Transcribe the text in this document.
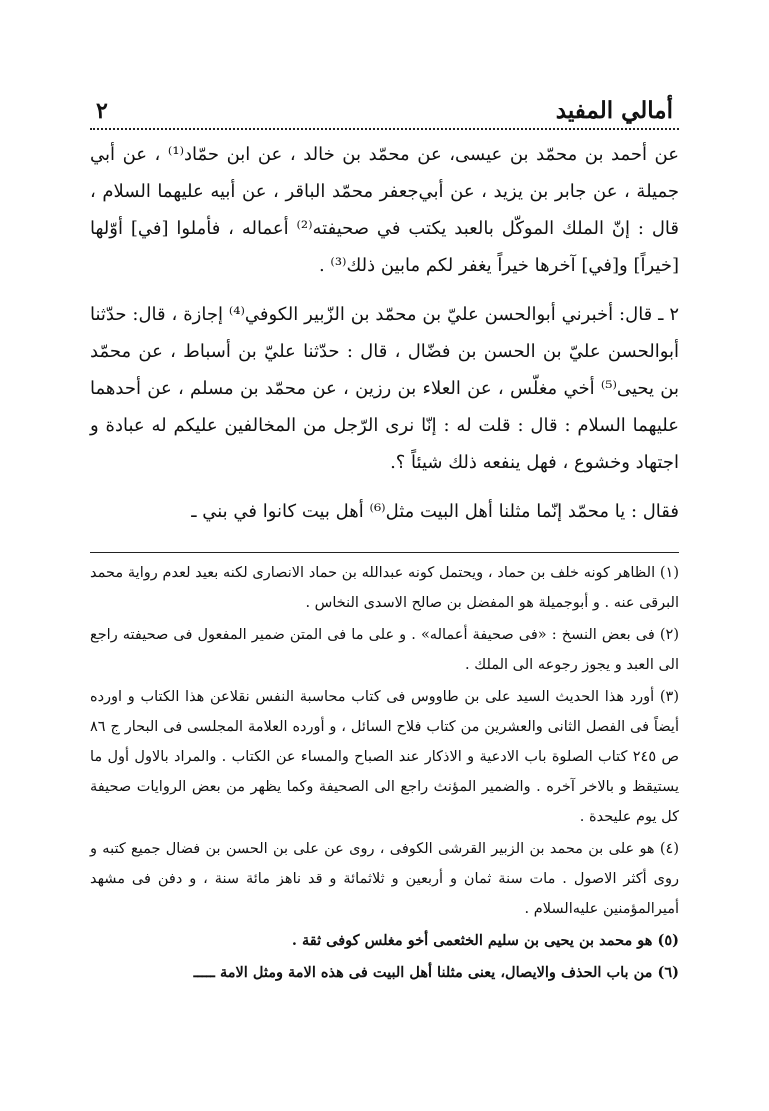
أمالي المفيد
٢

عن أحمد بن محمّد بن عيسى، عن محمّد بن خالد ، عن ابن حمّاد⁽¹⁾ ، عن أبي جميلة ، عن جابر بن يزيد ، عن أبي‌جعفر محمّد الباقر ، عن أبيه عليهما السلام ، قال : إنّ الملك الموكّل بالعبد يكتب في صحيفته⁽²⁾ أعماله ، فأملوا [في] أوّلها [خيراً] و[في] آخرها خيراً يغفر لكم مابين ذلك⁽³⁾ .

٢ ـ قال: أخبرني أبوالحسن عليّ بن محمّد بن الزّبير الكوفي⁽⁴⁾ إجازة ، قال: حدّثنا أبوالحسن عليّ بن الحسن بن فضّال ، قال : حدّثنا عليّ بن أسباط ، عن محمّد بن يحيى⁽⁵⁾ أخي مغلّس ، عن العلاء بن رزين ، عن محمّد بن مسلم ، عن أحدهما عليهما السلام : قال : قلت له : إنّا نرى الرّجل من المخالفين عليكم له عبادة و اجتهاد وخشوع ، فهل ينفعه ذلك شيئاً ؟.

فقال : يا محمّد إنّما مثلنا أهل البيت مثل⁽⁶⁾ أهل بيت كانوا في بني ـ

(١) الظاهر كونه خلف بن حماد ، ويحتمل كونه عبدالله بن حماد الانصارى لكنه بعيد لعدم رواية محمد البرقى عنه . و أبوجميلة هو المفضل بن صالح الاسدى النخاس .

(٢) فى بعض النسخ : «فى صحيفة أعماله» . و على ما فى المتن ضمير المفعول فى صحيفته راجع الى العبد و يجوز رجوعه الى الملك .

(٣) أورد هذا الحديث السيد على بن طاووس فى كتاب محاسبة النفس نقلاعن هذا الكتاب و اورده أيضاً فى الفصل الثانى والعشرين من كتاب فلاح السائل ، و أورده العلامة المجلسى فى البحار ج ٨٦ ص ٢٤٥ كتاب الصلوة باب الادعية و الاذكار عند الصباح والمساء عن الكتاب . والمراد بالاول أول ما يستيقظ و بالاخر آخره . والضمير المؤنث راجع الى الصحيفة وكما يظهر من بعض الروايات صحيفة كل يوم عليحدة .

(٤) هو على بن محمد بن الزبير القرشى الكوفى ، روى عن على بن الحسن بن فضال جميع كتبه و روى أكثر الاصول . مات سنة ثمان و أربعين و ثلاثمائة و قد ناهز مائة سنة ، و دفن فى مشهد أميرالمؤمنين عليه‌السلام .

(٥) هو محمد بن يحيى بن سليم الخثعمى أخو مغلس كوفى ثقة .

(٦) من باب الحذف والايصال، يعنى مثلنا أهل البيت فى هذه الامة ومثل الامة ـــــ
